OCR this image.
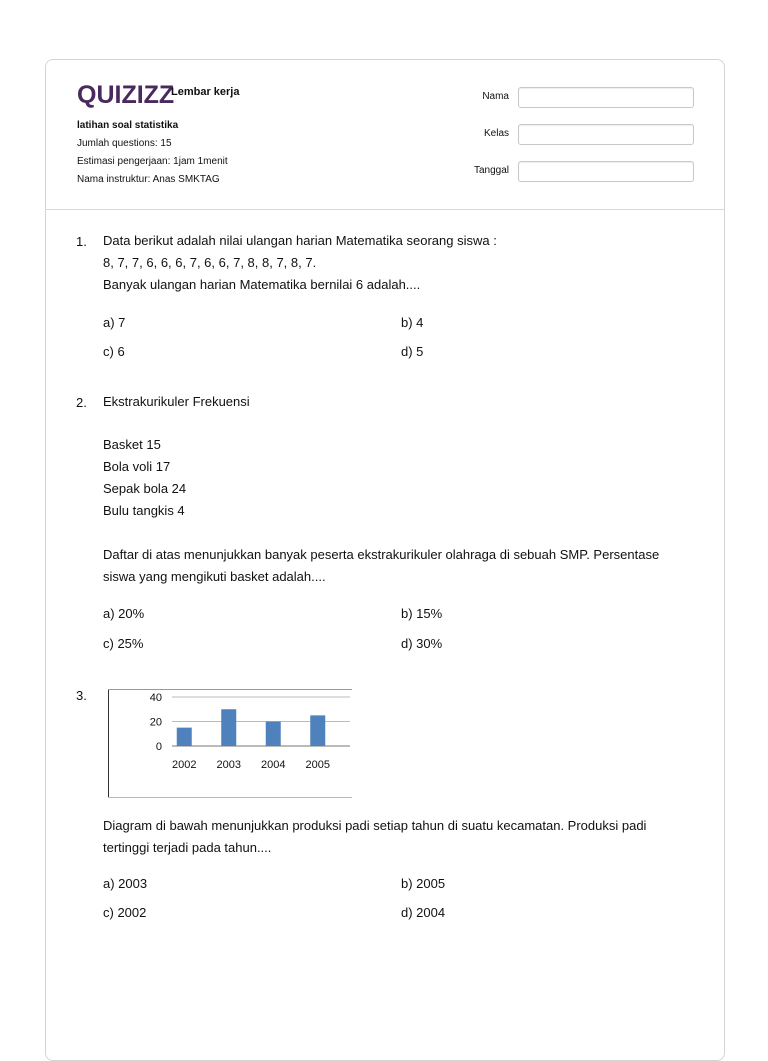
QUIZIZZ
Lembar kerja
latihan soal statistika
Jumlah questions: 15
Estimasi pengerjaan: 1jam 1menit
Nama instruktur: Anas SMKTAG
Nama
Kelas
Tanggal
1. Data berikut adalah nilai ulangan harian Matematika seorang siswa :
8, 7, 7, 6, 6, 6, 7, 6, 6, 7, 8, 8, 7, 8, 7.
Banyak ulangan harian Matematika bernilai 6 adalah....
a) 7	b) 4
c) 6	d) 5
2. Ekstrakurikuler Frekuensi
Basket 15
Bola voli 17
Sepak bola 24
Bulu tangkis 4
Daftar di atas menunjukkan banyak peserta ekstrakurikuler olahraga di sebuah SMP. Persentase
siswa yang mengikuti basket adalah....
a) 20%	b) 15%
c) 25%	d) 30%
3.
0
20
40
2002 2003 2004 2005
Diagram di bawah menunjukkan produksi padi setiap tahun di suatu kecamatan. Produksi padi
tertinggi terjadi pada tahun....
a) 2003	b) 2005
c) 2002	d) 2004
